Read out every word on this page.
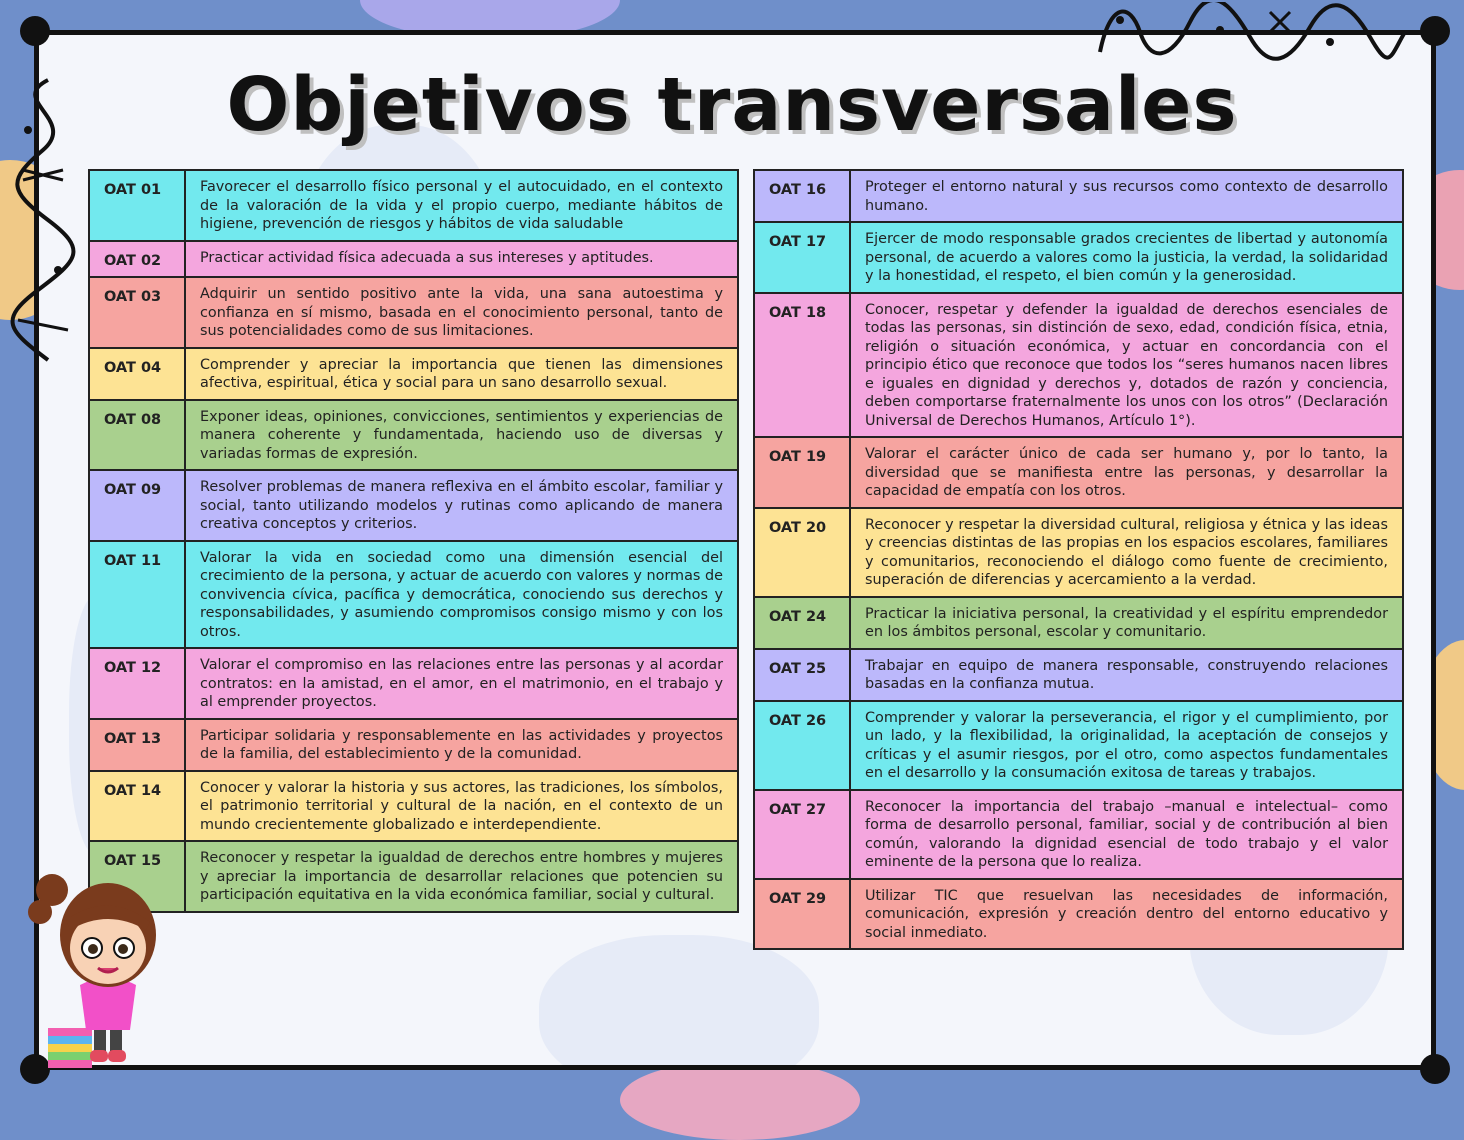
Objetivos transversales
OAT 01	Favorecer el desarrollo físico personal y el autocuidado, en el contexto de la valoración de la vida y el propio cuerpo, mediante hábitos de higiene, prevención de riesgos y hábitos de vida saludable
OAT 02	Practicar actividad física adecuada a sus intereses y aptitudes.
OAT 03	Adquirir un sentido positivo ante la vida, una sana autoestima y confianza en sí mismo, basada en el conocimiento personal, tanto de sus potencialidades como de sus limitaciones.
OAT 04	Comprender y apreciar la importancia que tienen las dimensiones afectiva, espiritual, ética y social para un sano desarrollo sexual.
OAT 08	Exponer ideas, opiniones, convicciones, sentimientos y experiencias de manera coherente y fundamentada, haciendo uso de diversas y variadas formas de expresión.
OAT 09	Resolver problemas de manera reflexiva en el ámbito escolar, familiar y social, tanto utilizando modelos y rutinas como aplicando de manera creativa conceptos y criterios.
OAT 11	Valorar la vida en sociedad como una dimensión esencial del crecimiento de la persona, y actuar de acuerdo con valores y normas de convivencia cívica, pacífica y democrática, conociendo sus derechos y responsabilidades, y asumiendo compromisos consigo mismo y con los otros.
OAT 12	Valorar el compromiso en las relaciones entre las personas y al acordar contratos: en la amistad, en el amor, en el matrimonio, en el trabajo y al emprender proyectos.
OAT 13	Participar solidaria y responsablemente en las actividades y proyectos de la familia, del establecimiento y de la comunidad.
OAT 14	Conocer y valorar la historia y sus actores, las tradiciones, los símbolos, el patrimonio territorial y cultural de la nación, en el contexto de un mundo crecientemente globalizado e interdependiente.
OAT 15	Reconocer y respetar la igualdad de derechos entre hombres y mujeres y apreciar la importancia de desarrollar relaciones que potencien su participación equitativa en la vida económica familiar, social y cultural.
OAT 16	Proteger el entorno natural y sus recursos como contexto de desarrollo humano.
OAT 17	Ejercer de modo responsable grados crecientes de libertad y autonomía personal, de acuerdo a valores como la justicia, la verdad, la solidaridad y la honestidad, el respeto, el bien común y la generosidad.
OAT 18	Conocer, respetar y defender la igualdad de derechos esenciales de todas las personas, sin distinción de sexo, edad, condición física, etnia, religión o situación económica, y actuar en concordancia con el principio ético que reconoce que todos los “seres humanos nacen libres e iguales en dignidad y derechos y, dotados de razón y conciencia, deben comportarse fraternalmente los unos con los otros” (Declaración Universal de Derechos Humanos, Artículo 1°).
OAT 19	Valorar el carácter único de cada ser humano y, por lo tanto, la diversidad que se manifiesta entre las personas, y desarrollar la capacidad de empatía con los otros.
OAT 20	Reconocer y respetar la diversidad cultural, religiosa y étnica y las ideas y creencias distintas de las propias en los espacios escolares, familiares y comunitarios, reconociendo el diálogo como fuente de crecimiento, superación de diferencias y acercamiento a la verdad.
OAT 24	Practicar la iniciativa personal, la creatividad y el espíritu emprendedor en los ámbitos personal, escolar y comunitario.
OAT 25	Trabajar en equipo de manera responsable, construyendo relaciones basadas en la confianza mutua.
OAT 26	Comprender y valorar la perseverancia, el rigor y el cumplimiento, por un lado, y la flexibilidad, la originalidad, la aceptación de consejos y críticas y el asumir riesgos, por el otro, como aspectos fundamentales en el desarrollo y la consumación exitosa de tareas y trabajos.
OAT 27	Reconocer la importancia del trabajo –manual e intelectual– como forma de desarrollo personal, familiar, social y de contribución al bien común, valorando la dignidad esencial de todo trabajo y el valor eminente de la persona que lo realiza.
OAT 29	Utilizar TIC que resuelvan las necesidades de información, comunicación, expresión y creación dentro del entorno educativo y social inmediato.
